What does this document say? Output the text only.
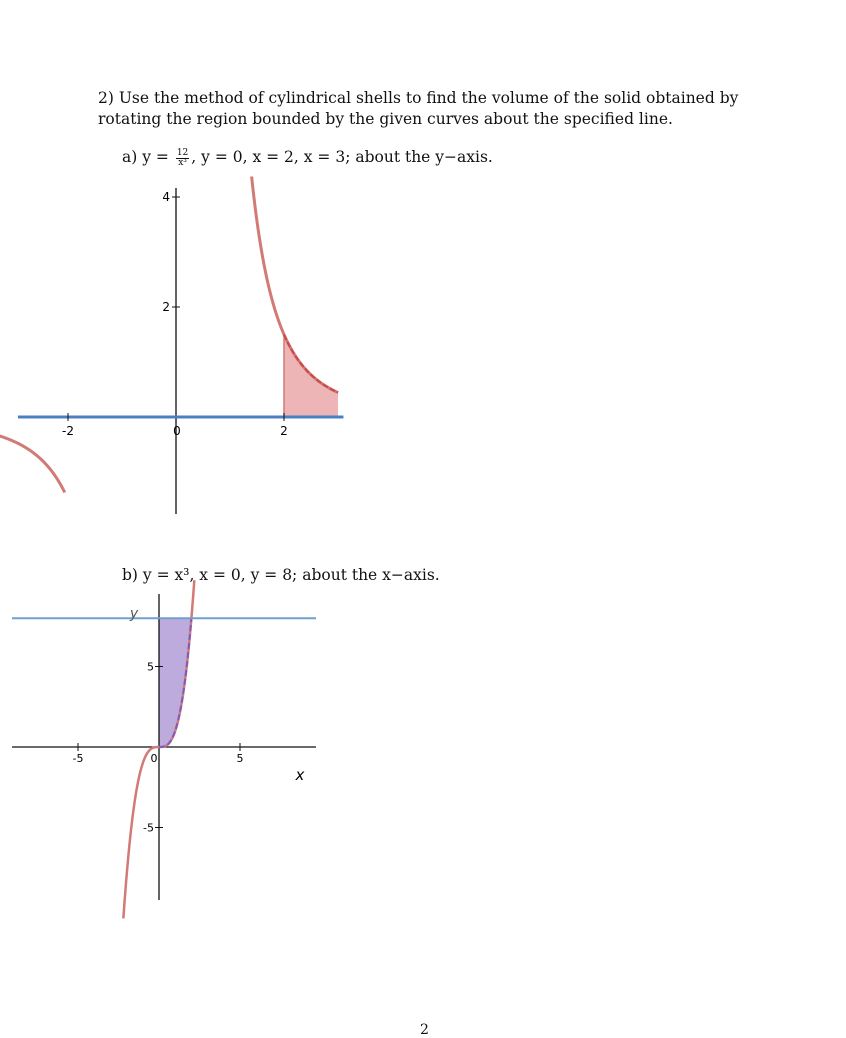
2) Use the method of cylindrical shells to find the volume of the solid obtained by rotating the region bounded by the given curves about the specified line.
a) $y = \frac{12}{\text{x³}}$ , y = 0, x = 2, x = 3; about the y−axis.
-2	2
0
2
4
b) y = x³, x = 0, y = 8; about the x−axis.
-5	5
0
5
-5
x
y
2
